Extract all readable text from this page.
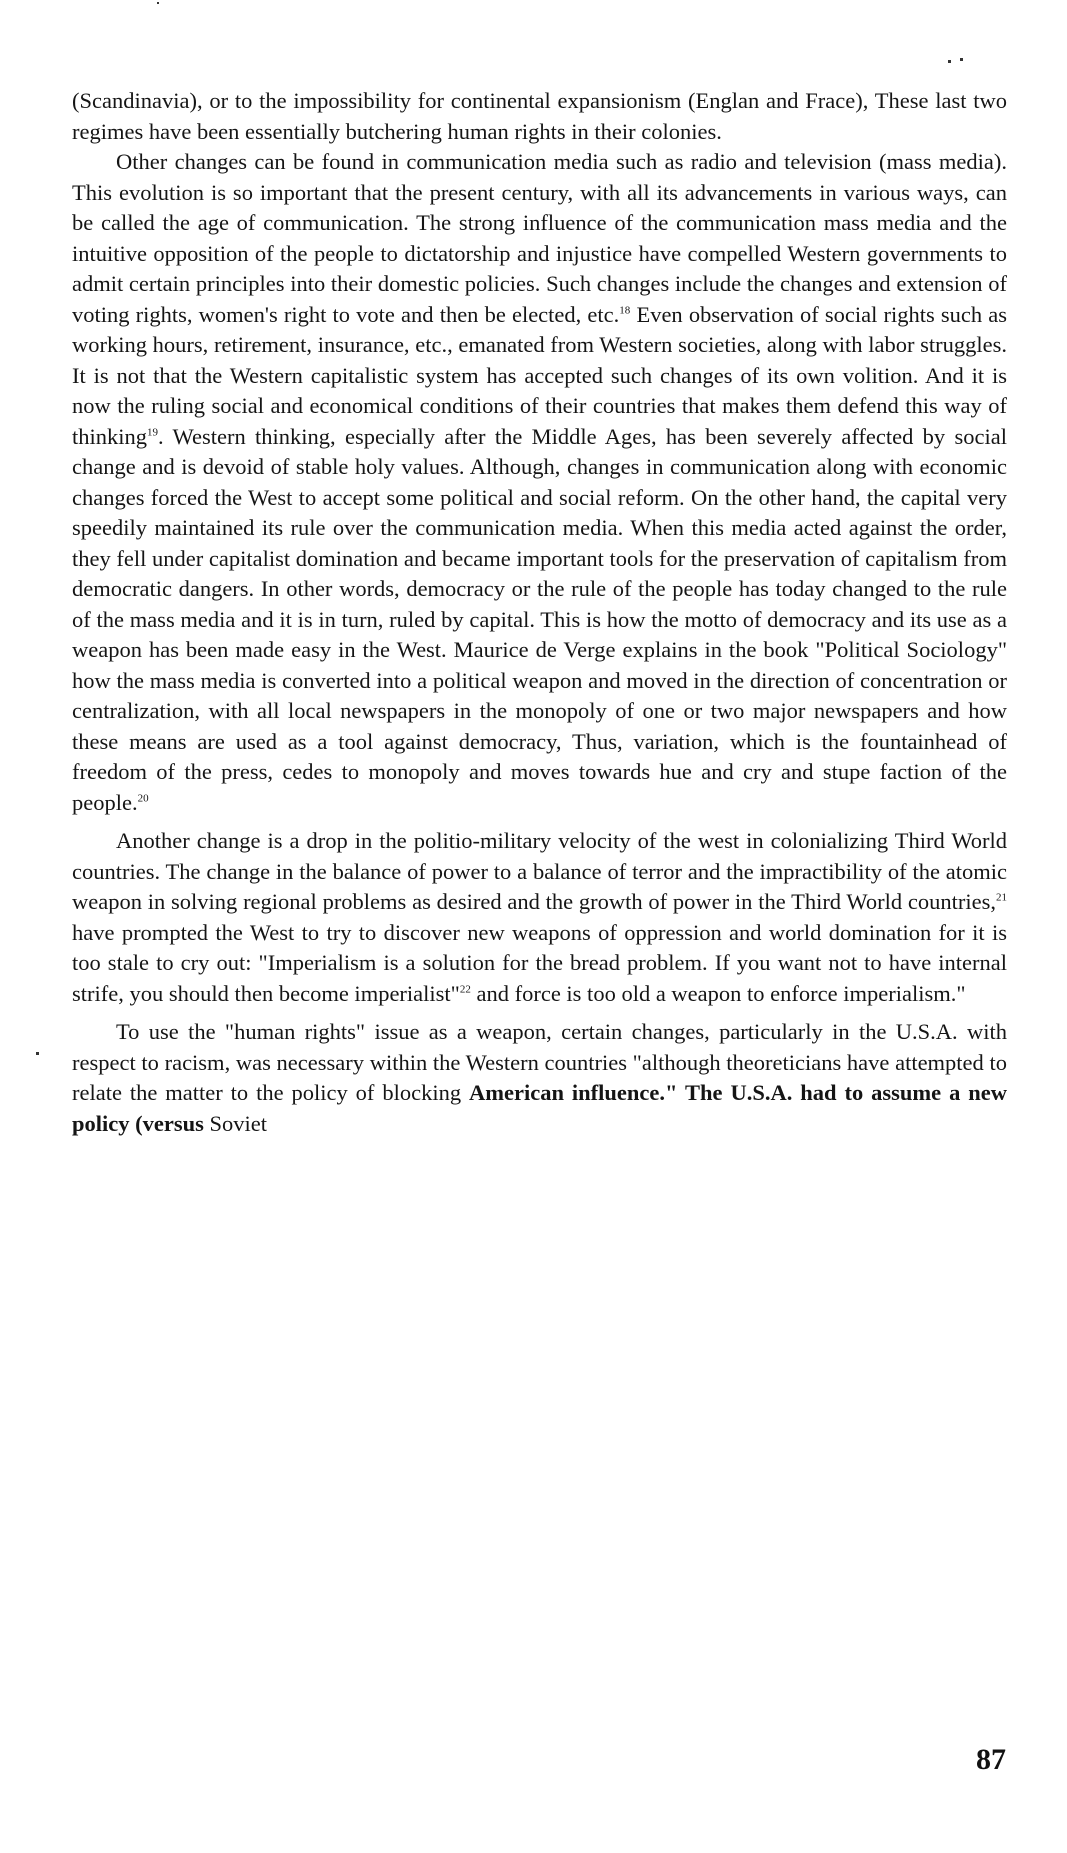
(Scandinavia), or to the impossibility for continental expansionism (Englan and Frace), These last two regimes have been essentially butchering human rights in their colonies.

Other changes can be found in communication media such as radio and television (mass media). This evolution is so important that the present century, with all its advancements in various ways, can be called the age of communication. The strong influence of the communication mass media and the intuitive opposition of the people to dictatorship and injustice have compelled Western governments to admit certain principles into their domestic policies. Such changes include the changes and extension of voting rights, women's right to vote and then be elected, etc.$^{18}$ Even observation of social rights such as working hours, retirement, insurance, etc., emanated from Western societies, along with labor struggles. It is not that the Western capitalistic system has accepted such changes of its own volition. And it is now the ruling social and economical conditions of their countries that makes them defend this way of thinking$^{19}$. Western thinking, especially after the Middle Ages, has been severely affected by social change and is devoid of stable holy values. Although, changes in communication along with economic changes forced the West to accept some political and social reform. On the other hand, the capital very speedily maintained its rule over the communication media. When this media acted against the order, they fell under capitalist domination and became important tools for the preservation of capitalism from democratic dangers. In other words, democracy or the rule of the people has today changed to the rule of the mass media and it is in turn, ruled by capital. This is how the motto of democracy and its use as a weapon has been made easy in the West. Maurice de Verge explains in the book "Political Sociology" how the mass media is converted into a political weapon and moved in the direction of concentration or centralization, with all local newspapers in the monopoly of one or two major newspapers and how these means are used as a tool against democracy, Thus, variation, which is the fountainhead of freedom of the press, cedes to monopoly and moves towards hue and cry and stupe faction of the people.$^{20}$

Another change is a drop in the politio-military velocity of the west in colonializing Third World countries. The change in the balance of power to a balance of terror and the impractibility of the atomic weapon in solving regional problems as desired and the growth of power in the Third World countries,$^{21}$ have prompted the West to try to discover new weapons of oppression and world domination for it is too stale to cry out: "Imperialism is a solution for the bread problem. If you want not to have internal strife, you should then become imperialist"$^{22}$ and force is too old a weapon to enforce imperialism."

To use the "human rights" issue as a weapon, certain changes, particularly in the U.S.A. with respect to racism, was necessary within the Western countries "although theoreticians have attempted to relate the matter to the policy of blocking American influence." The U.S.A. had to assume a new policy (versus Soviet

87
